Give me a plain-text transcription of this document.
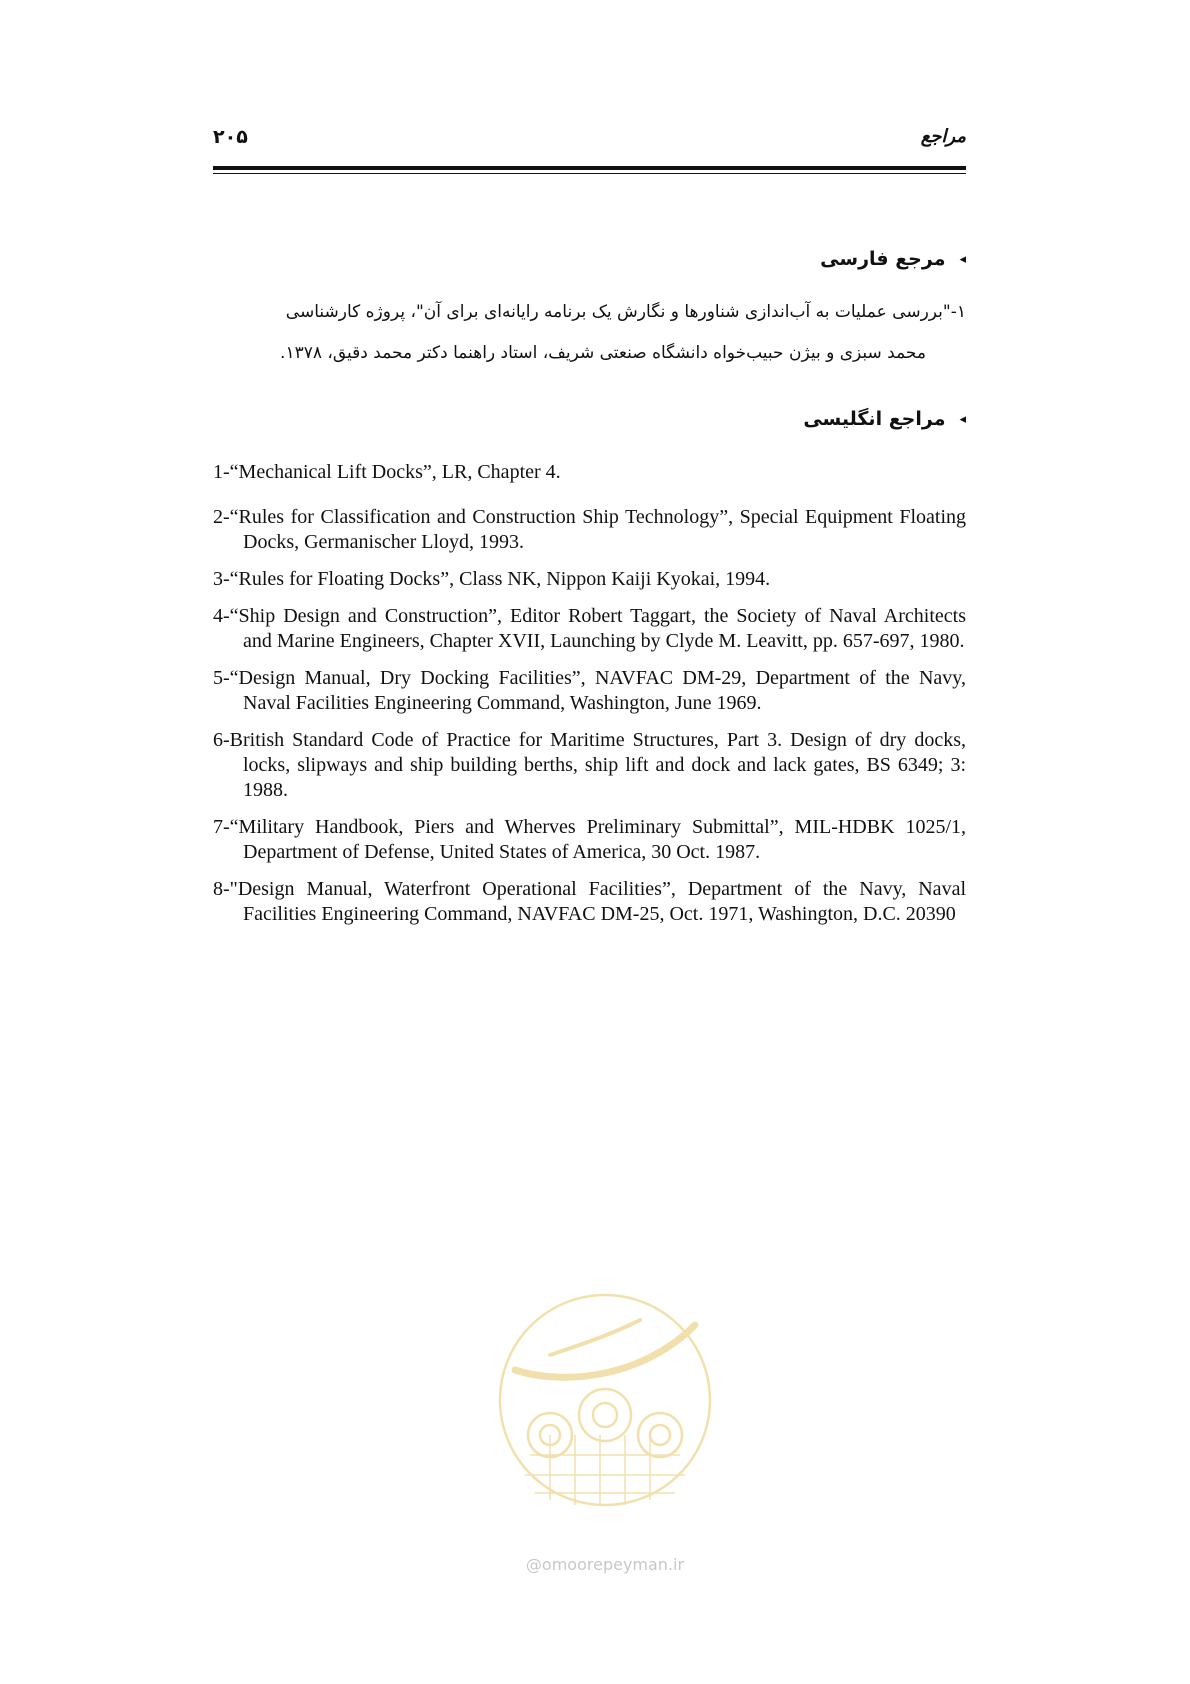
۲۰۵	مراجع
◂مرجع فارسی
۱-"بررسی عملیات به آب‌اندازی شناورها و نگارش یک برنامه رایانه‌ای برای آن"، پروژه کارشناسی
محمد سبزی و بیژن حبیب‌خواه دانشگاه صنعتی شریف، استاد راهنما دکتر محمد دقیق، ۱۳۷۸.
◂مراجع انگلیسی
1-“Mechanical Lift Docks”, LR, Chapter 4.
2-“Rules for Classification and Construction Ship Technology”, Special Equipment Floating Docks, Germanischer Lloyd, 1993.
3-“Rules for Floating Docks”, Class NK, Nippon Kaiji Kyokai, 1994.
4-“Ship Design and Construction”, Editor Robert Taggart, the Society of Naval Architects and Marine Engineers, Chapter XVII, Launching by Clyde M. Leavitt, pp. 657-697, 1980.
5-“Design Manual, Dry Docking Facilities”, NAVFAC DM-29, Department of the Navy, Naval Facilities Engineering Command, Washington, June 1969.
6-British Standard Code of Practice for Maritime Structures, Part 3. Design of dry docks, locks, slipways and ship building berths, ship lift and dock and lack gates, BS 6349; 3: 1988.
7-“Military Handbook, Piers and Wherves Preliminary Submittal”, MIL-HDBK 1025/1, Department of Defense, United States of America, 30 Oct. 1987.
8-"Design Manual, Waterfront Operational Facilities”, Department of the Navy, Naval Facilities Engineering Command, NAVFAC DM-25, Oct. 1971, Washington, D.C. 20390
@omoorepeyman.ir
